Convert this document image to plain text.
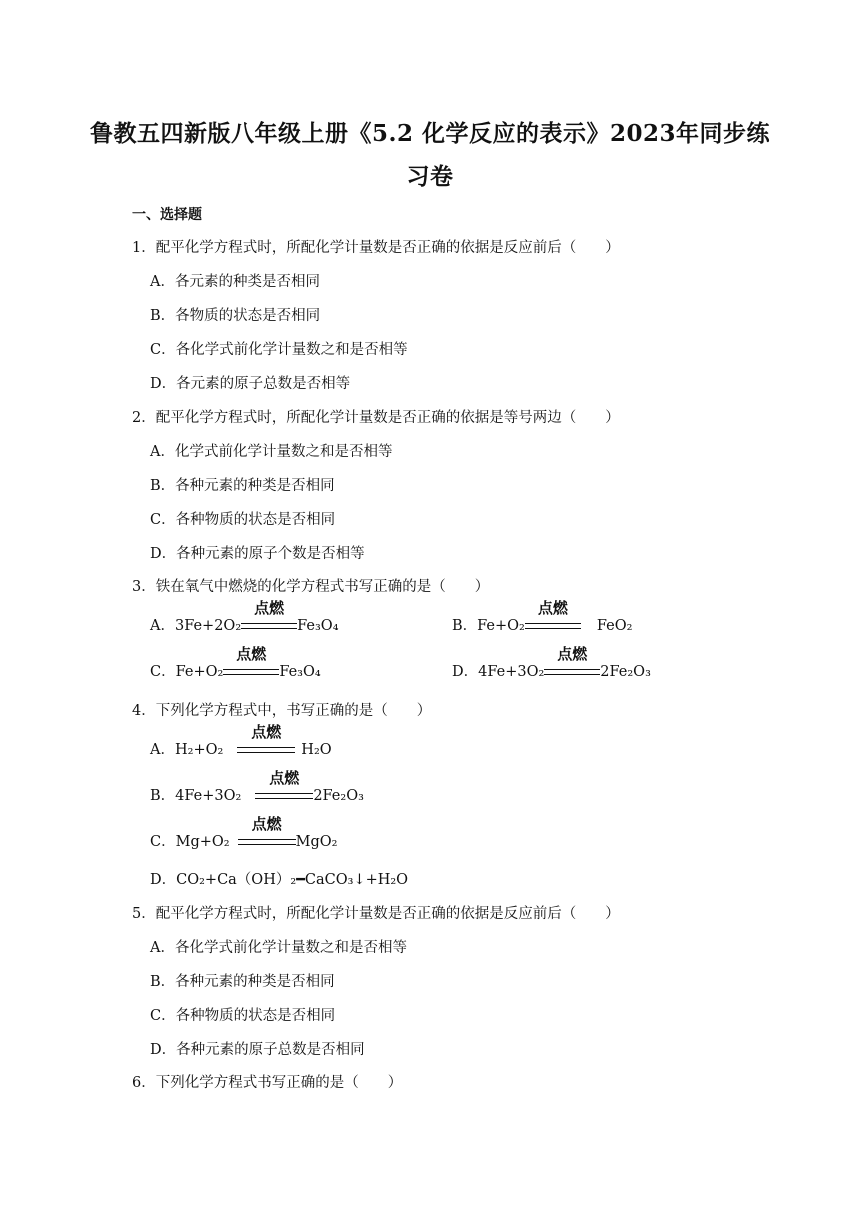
鲁教五四新版八年级上册《5.2 化学反应的表示》2023年同步练
习卷
一、选择题
1．配平化学方程式时，所配化学计量数是否正确的依据是反应前后（　　）
A．各元素的种类是否相同
B．各物质的状态是否相同
C．各化学式前化学计量数之和是否相等
D．各元素的原子总数是否相等
2．配平化学方程式时，所配化学计量数是否正确的依据是等号两边（　　）
A．化学式前化学计量数之和是否相等
B．各种元素的种类是否相同
C．各种物质的状态是否相同
D．各种元素的原子个数是否相等
3．铁在氧气中燃烧的化学方程式书写正确的是（　　）
A．3Fe+2O₂
点燃
Fe₃O₄	B．Fe+O₂
点燃
FeO₂
C．Fe+O₂
点燃
Fe₃O₄	D．4Fe+3O₂
点燃
2Fe₂O₃
4．下列化学方程式中，书写正确的是（　　）
A．H₂+O₂
点燃
H₂O
B．4Fe+3O₂
点燃
2Fe₂O₃
C．Mg+O₂
点燃
MgO₂
D．CO₂+Ca（OH）₂━CaCO₃↓+H₂O
5．配平化学方程式时，所配化学计量数是否正确的依据是反应前后（　　）
A．各化学式前化学计量数之和是否相等
B．各种元素的种类是否相同
C．各种物质的状态是否相同
D．各种元素的原子总数是否相同
6．下列化学方程式书写正确的是（　　）
